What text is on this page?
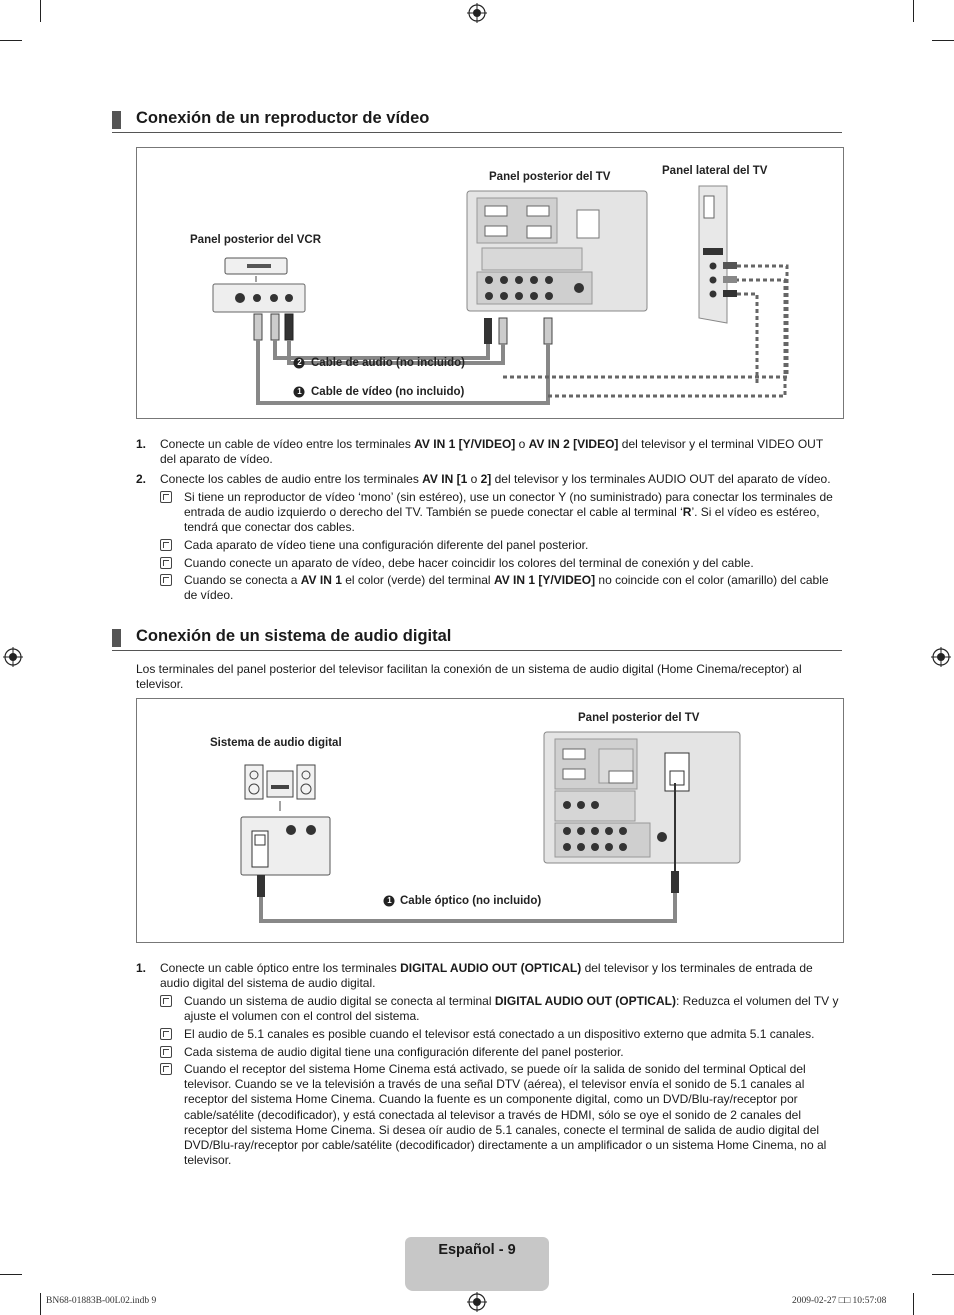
Conexión de un reproductor de vídeo
Panel posterior del TV	Panel lateral del TV
Panel posterior del VCR
2 Cable de audio (no incluido)
1 Cable de vídeo (no incluido)
1. Conecte un cable de vídeo entre los terminales AV IN 1 [Y/VIDEO] o AV IN 2 [VIDEO] del televisor y el terminal VIDEO OUT del aparato de vídeo.
2. Conecte los cables de audio entre los terminales AV IN [1 o 2] del televisor y los terminales AUDIO OUT del aparato de vídeo.
Si tiene un reproductor de vídeo ‘mono’ (sin estéreo), use un conector Y (no suministrado) para conectar los terminales de entrada de audio izquierdo o derecho del TV. También se puede conectar el cable al terminal ‘R’. Si el vídeo es estéreo, tendrá que conectar dos cables.
Cada aparato de vídeo tiene una configuración diferente del panel posterior.
Cuando conecte un aparato de vídeo, debe hacer coincidir los colores del terminal de conexión y del cable.
Cuando se conecta a AV IN 1 el color (verde) del terminal AV IN 1 [Y/VIDEO] no coincide con el color (amarillo) del cable de vídeo.
Conexión de un sistema de audio digital
Los terminales del panel posterior del televisor facilitan la conexión de un sistema de audio digital (Home Cinema/receptor) al televisor.
Panel posterior del TV
Sistema de audio digital
1 Cable óptico (no incluido)
1. Conecte un cable óptico entre los terminales DIGITAL AUDIO OUT (OPTICAL) del televisor y los terminales de entrada de audio digital del sistema de audio digital.
Cuando un sistema de audio digital se conecta al terminal DIGITAL AUDIO OUT (OPTICAL): Reduzca el volumen del TV y ajuste el volumen con el control del sistema.
El audio de 5.1 canales es posible cuando el televisor está conectado a un dispositivo externo que admita 5.1 canales.
Cada sistema de audio digital tiene una configuración diferente del panel posterior.
Cuando el receptor del sistema Home Cinema está activado, se puede oír la salida de sonido del terminal Optical del televisor. Cuando se ve la televisión a través de una señal DTV (aérea), el televisor envía el sonido de 5.1 canales al receptor del sistema Home Cinema. Cuando la fuente es un componente digital, como un DVD/Blu-ray/receptor por cable/satélite (decodificador), y está conectada al televisor a través de HDMI, sólo se oye el sonido de 2 canales del receptor del sistema Home Cinema. Si desea oír audio de 5.1 canales, conecte el terminal de salida de audio digital del DVD/Blu-ray/receptor por cable/satélite (decodificador) directamente a un amplificador o un sistema Home Cinema, no al televisor.
Español - 9
BN68-01883B-00L02.indb 9	2009-02-27 □□ 10:57:08
